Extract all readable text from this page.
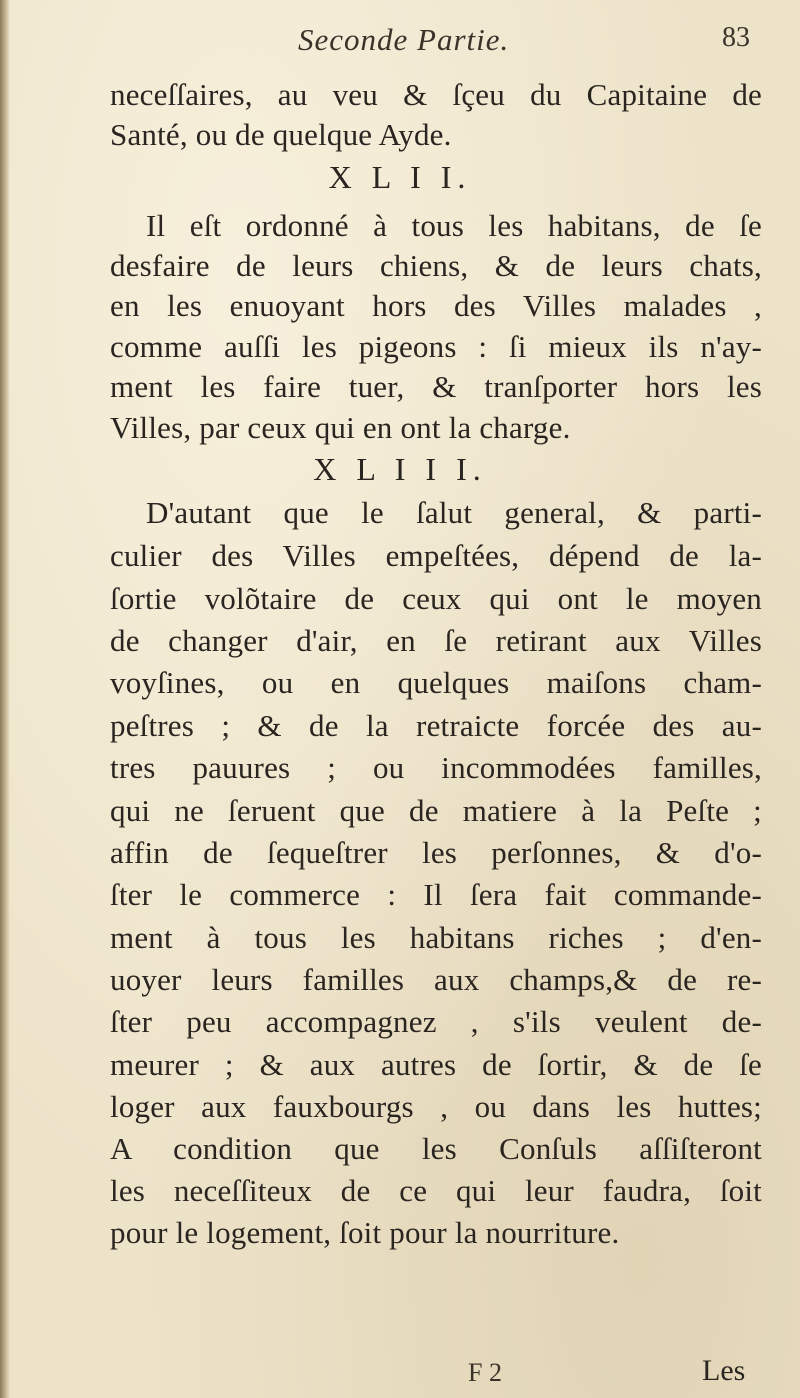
Seconde Partie.	83
F 2	Les
neceſſaires, au veu & ſçeu du Capitaine de
Santé, ou de quelque Ayde.
X L I I.
Il eſt ordonné à tous les habitans, de ſe
desfaire de leurs chiens, & de leurs chats,
en les enuoyant hors des Villes malades ,
comme auſſi les pigeons : ſi mieux ils n'ay-
ment les faire tuer, & tranſporter hors les
Villes, par ceux qui en ont la charge.
X L I I I.
D'autant que le ſalut general, & parti-
culier des Villes empeſtées, dépend de la-
ſortie volõtaire de ceux qui ont le moyen
de changer d'air, en ſe retirant aux Villes
voyſines, ou en quelques maiſons cham-
peſtres ; & de la retraicte forcée des au-
tres pauures ; ou incommodées familles,
qui ne ſeruent que de matiere à la Peſte ;
affin de ſequeſtrer les perſonnes, & d'o-
ſter le commerce : Il ſera fait commande-
ment à tous les habitans riches ; d'en-
uoyer leurs familles aux champs,& de re-
ſter peu accompagnez , s'ils veulent de-
meurer ; & aux autres de ſortir, & de ſe
loger aux fauxbourgs , ou dans les huttes;
A condition que les Conſuls aſſiſteront
les neceſſiteux de ce qui leur faudra, ſoit
pour le logement, ſoit pour la nourriture.
